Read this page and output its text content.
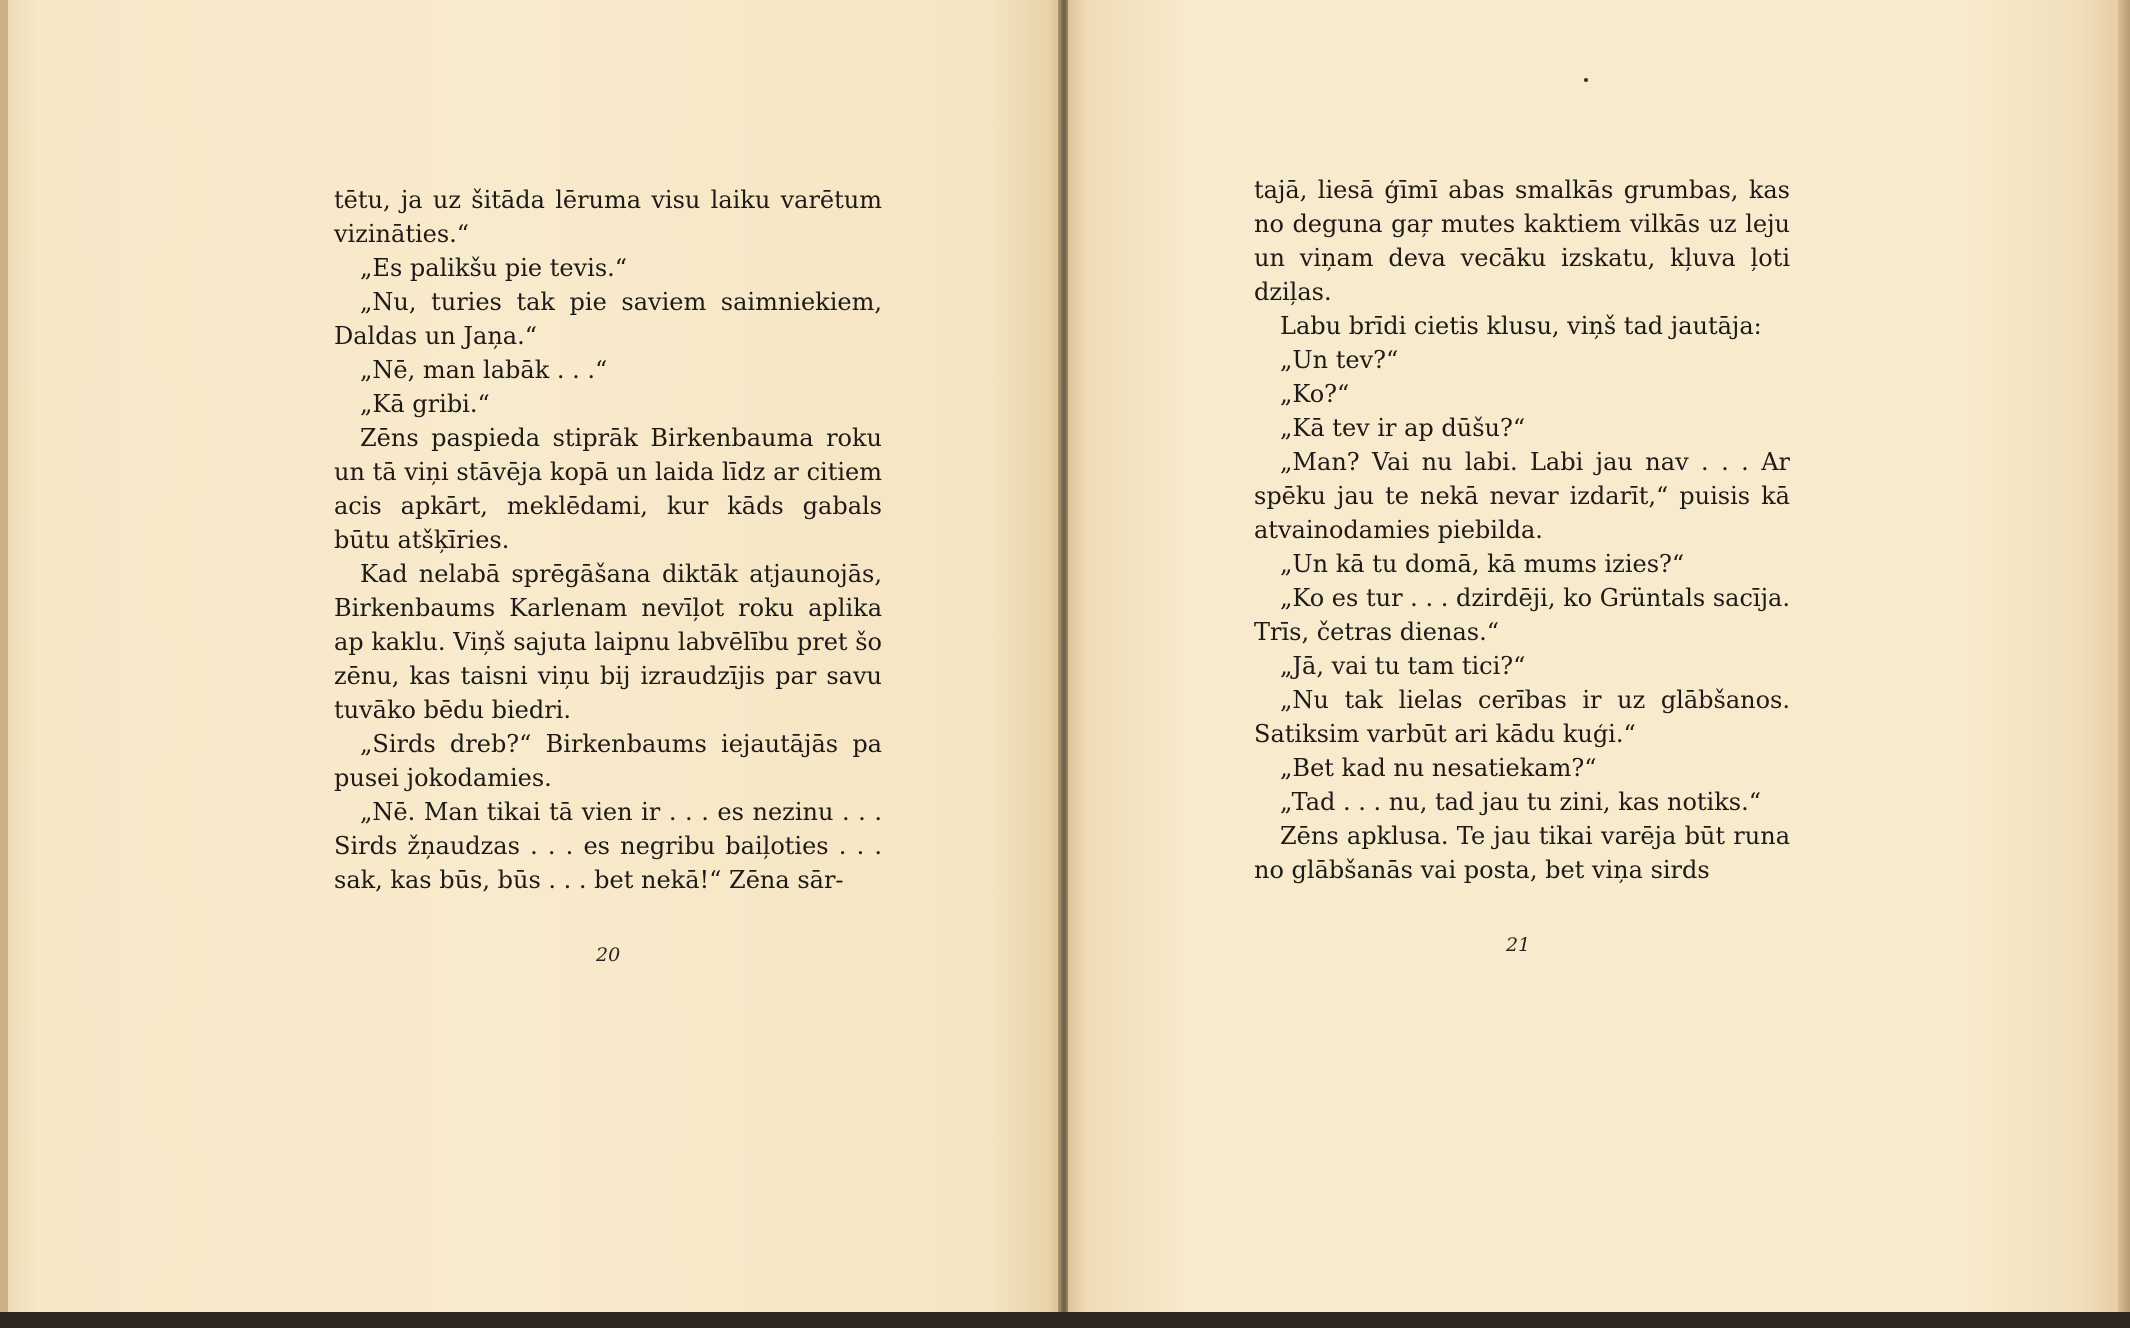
tētu, ja uz šitāda lēruma visu laiku varētum vizināties.“

„Es palikšu pie tevis.“

„Nu, turies tak pie saviem saimniekiem, Daldas un Jaņa.“

„Nē, man labāk . . .“

„Kā gribi.“

Zēns paspieda stiprāk Birkenbauma roku un tā viņi stāvēja kopā un laida līdz ar citiem acis apkārt, meklēdami, kur kāds gabals būtu atšķīries.

Kad nelabā sprēgāšana diktāk atjaunojās, Birkenbaums Karlenam nevīļot roku aplika ap kaklu. Viņš sajuta laipnu labvēlību pret šo zēnu, kas taisni viņu bij izraudzījis par savu tuvāko bēdu biedri.

„Sirds dreb?“ Birkenbaums iejautājās pa pusei jokodamies.

„Nē. Man tikai tā vien ir . . . es nezinu . . . Sirds žņaudzas . . . es negribu baiļoties . . . sak, kas būs, būs . . . bet nekā!“ Zēna sār-

20

tajā, liesā ģīmī abas smalkās grumbas, kas no deguna gaŗ mutes kaktiem vilkās uz leju un viņam deva vecāku izskatu, kļuva ļoti dziļas.

Labu brīdi cietis klusu, viņš tad jautāja:

„Un tev?“

„Ko?“

„Kā tev ir ap dūšu?“

„Man? Vai nu labi. Labi jau nav . . . Ar spēku jau te nekā nevar izdarīt,“ puisis kā atvainodamies piebilda.

„Un kā tu domā, kā mums izies?“

„Ko es tur . . . dzirdēji, ko Grüntals sacīja. Trīs, četras dienas.“

„Jā, vai tu tam tici?“

„Nu tak lielas cerības ir uz glābšanos. Satiksim varbūt ari kādu kuģi.“

„Bet kad nu nesatiekam?“

„Tad . . . nu, tad jau tu zini, kas notiks.“

Zēns apklusa. Te jau tikai varēja būt runa no glābšanās vai posta, bet viņa sirds

21
